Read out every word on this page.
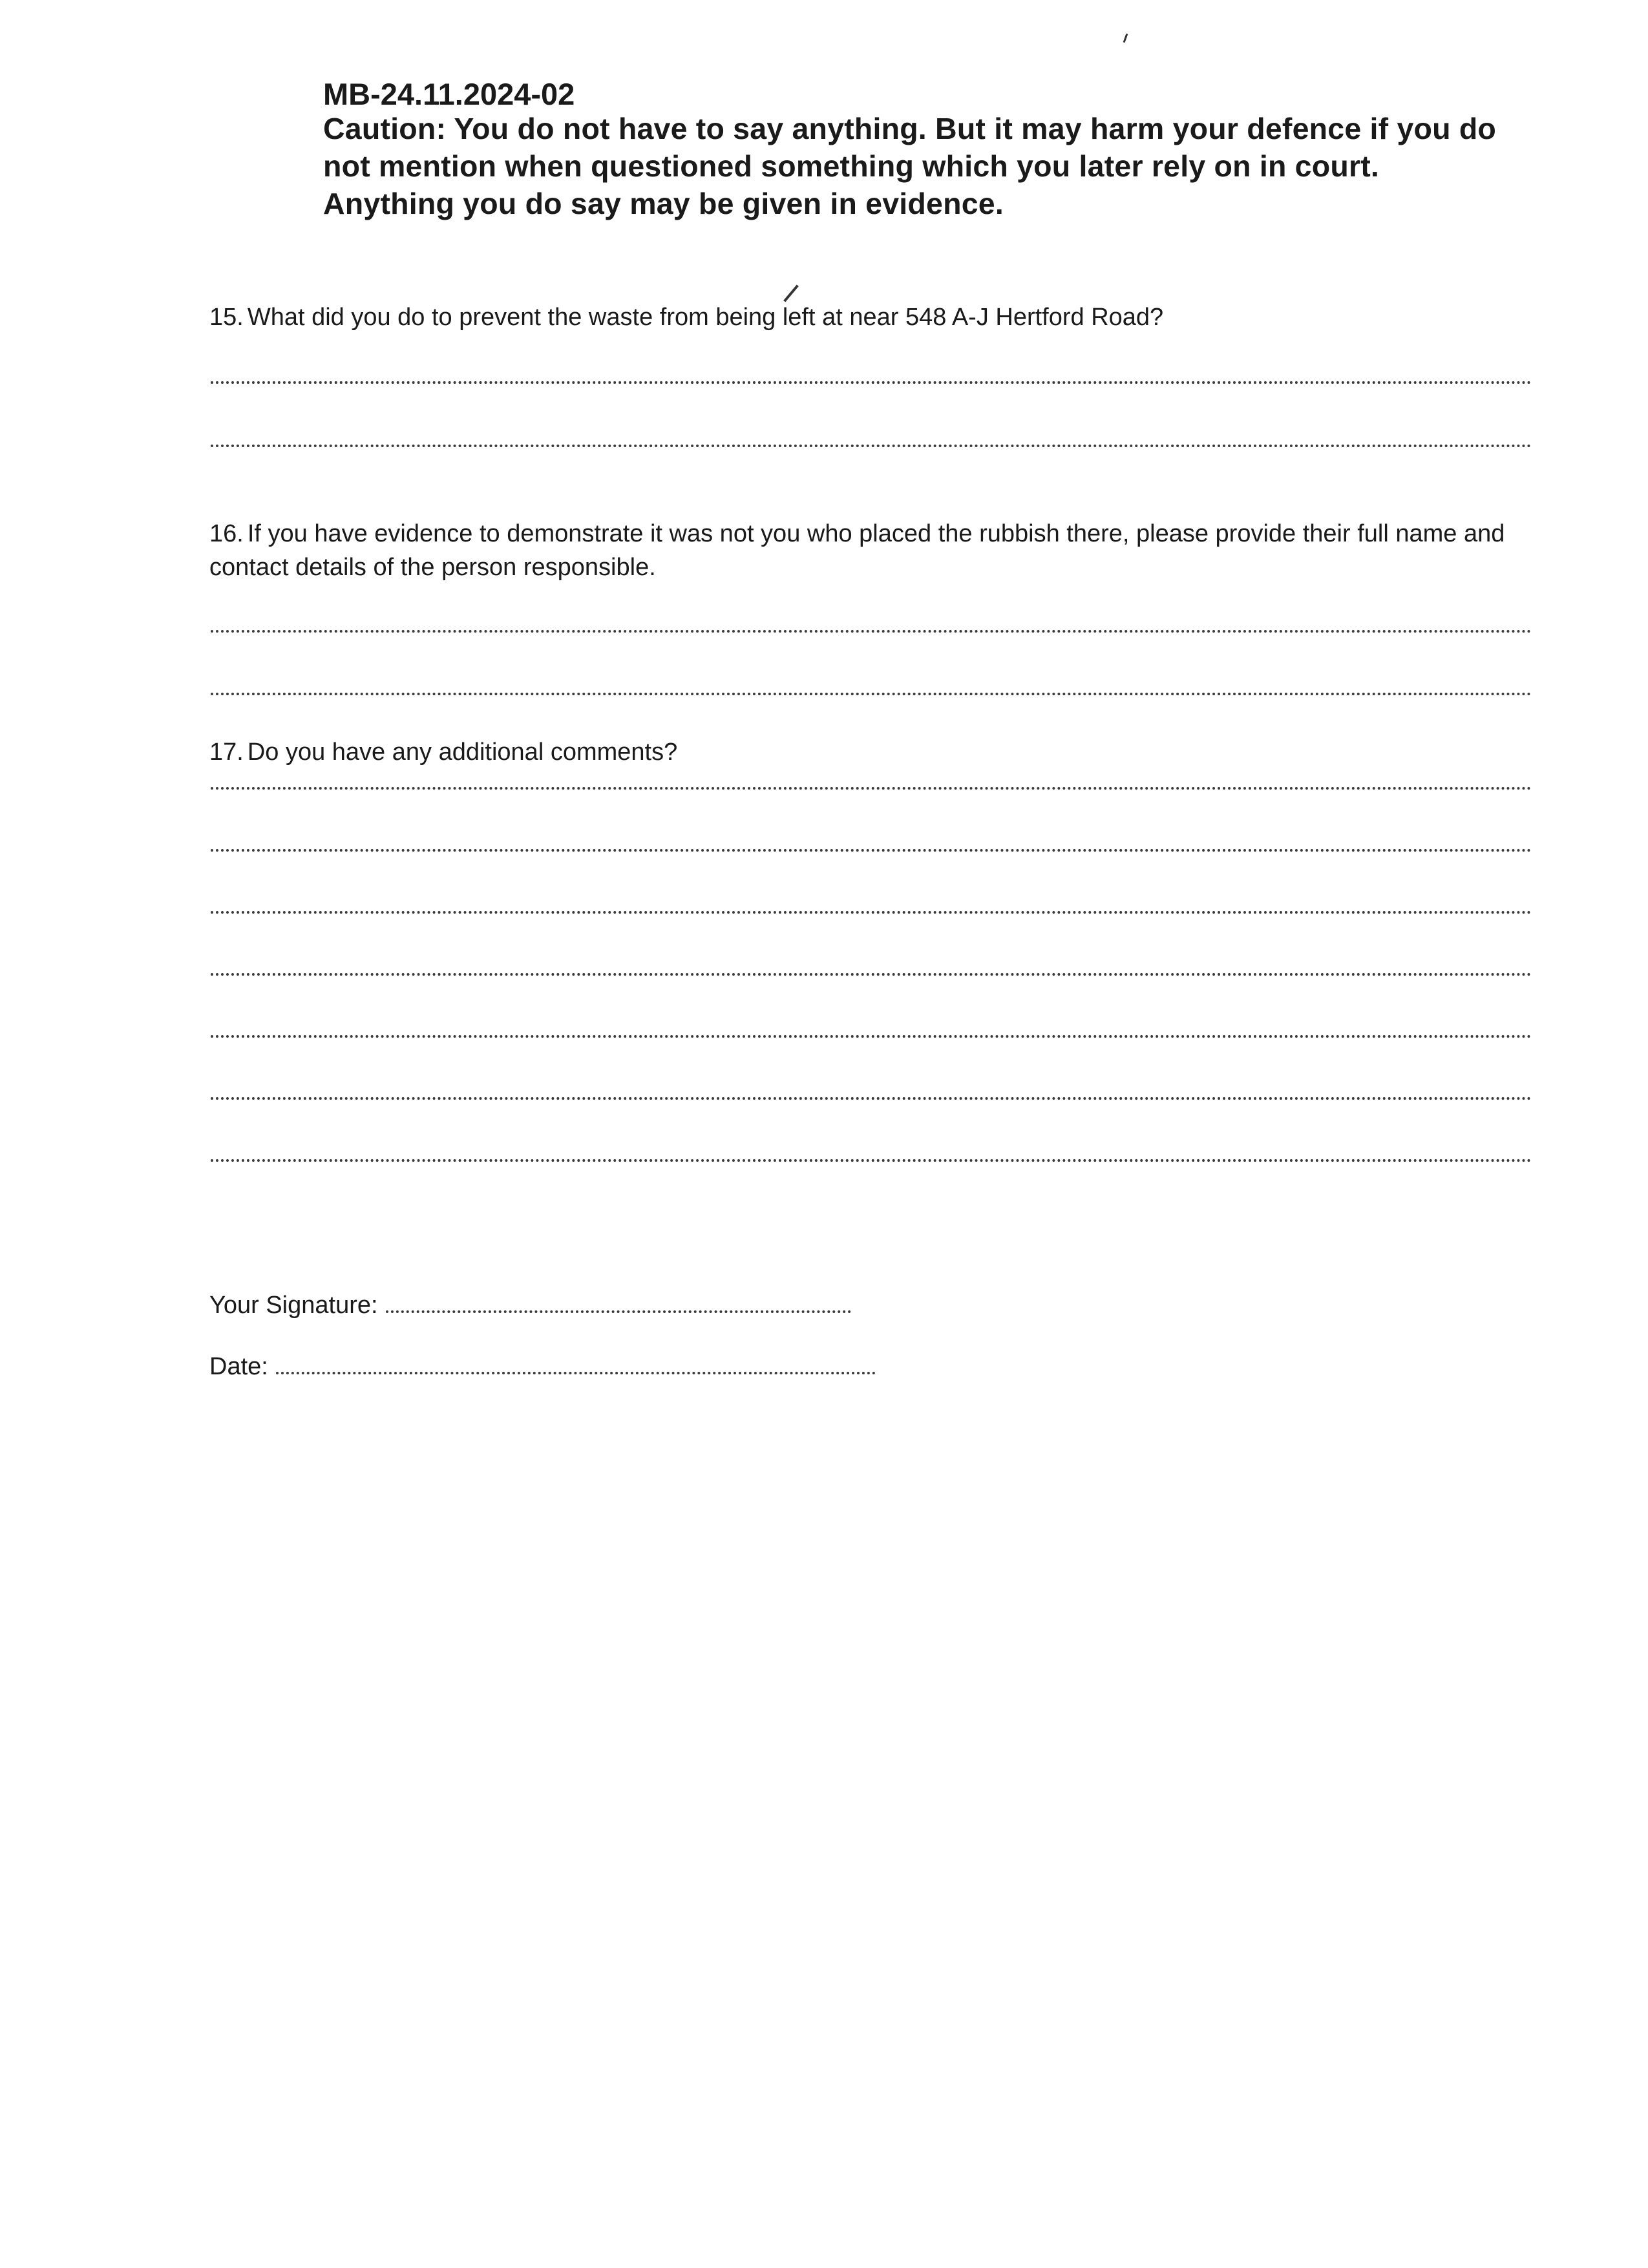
MB-24.11.2024-02

Caution: You do not have to say anything. But it may harm your defence if you do not mention when questioned something which you later rely on in court. Anything you do say may be given in evidence.

15. What did you do to prevent the waste from being left at near 548 A-J Hertford Road?

16. If you have evidence to demonstrate it was not you who placed the rubbish there, please provide their full name and contact details of the person responsible.

17. Do you have any additional comments?

Your Signature:
Date:
